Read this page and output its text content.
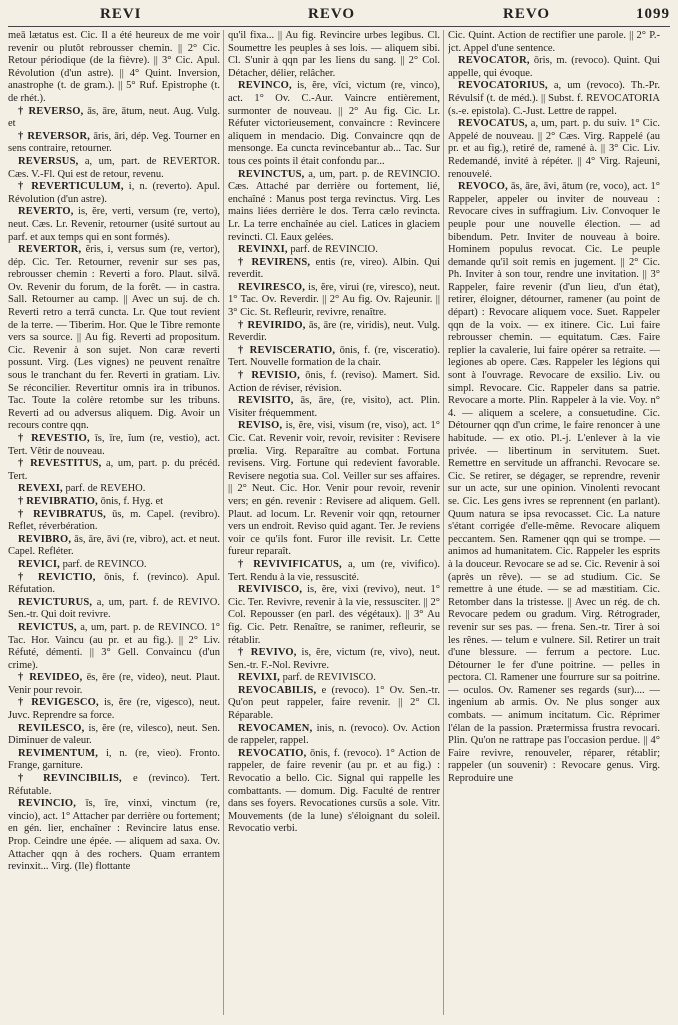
REVI	REVO	REVO	1099

meā lætatus est. Cic. Il a été heureux de me voir revenir ou plutôt rebrousser chemin. || 2° Cic. Retour périodique (de la fièvre). || 3° Cic. Apul. Révolution (d'un astre). || 4° Quint. Inversion, anastrophe (t. de gram.). || 5° Ruf. Epistrophe (t. de rhét.).

† REVERSO, ās, āre, ātum, neut. Aug. Vulg. et

† REVERSOR, āris, āri, dép. Veg. Tourner en sens contraire, retourner.

REVERSUS, a, um, part. de REVERTOR. Cæs. V.-Fl. Qui est de retour, revenu.

† REVERTICULUM, i, n. (reverto). Apul. Révolution (d'un astre).

REVERTO, is, ĕre, verti, versum (re, verto), neut. Cæs. Lr. Revenir, retourner (usité surtout au parf. et aux temps qui en sont formés).

REVERTOR, ĕris, i, versus sum (re, vertor), dép. Cic. Ter. Retourner, revenir sur ses pas, rebrousser chemin : Reverti a foro. Plaut. silvā. Ov. Revenir du forum, de la forêt. — in castra. Sall. Retourner au camp. || Avec un suj. de ch. Reverti retro a terrā cuncta. Lr. Que tout revient de la terre. — Tiberim. Hor. Que le Tibre remonte vers sa source. || Au fig. Reverti ad propositum. Cic. Revenir à son sujet. Non caræ reverti possunt. Virg. (Les vignes) ne peuvent renaître sous le tranchant du fer. Reverti in gratiam. Liv. Se réconcilier. Revertitur omnis ira in tribunos. Tac. Toute la colère retombe sur les tribuns. Reverti ad ou adversus aliquem. Dig. Avoir un recours contre qqn.

† REVESTIO, īs, īre, ĭum (re, vestio), act. Tert. Vêtir de nouveau.

† REVESTITUS, a, um, part. p. du précéd. Tert.

REVEXI, parf. de REVEHO.

† REVIBRATIO, ōnis, f. Hyg. et

† REVIBRATUS, ūs, m. Capel. (revibro). Reflet, réverbération.

REVIBRO, ās, āre, āvi (re, vibro), act. et neut. Capel. Refléter.

REVICI, parf. de REVINCO.

† REVICTIO, ōnis, f. (revinco). Apul. Réfutation.

REVICTURUS, a, um, part. f. de REVIVO. Sen.-tr. Qui doit revivre.

REVICTUS, a, um, part. p. de REVINCO. 1° Tac. Hor. Vaincu (au pr. et au fig.). || 2° Liv. Réfuté, démenti. || 3° Gell. Convaincu (d'un crime).

† REVIDEO, ēs, ēre (re, video), neut. Plaut. Venir pour revoir.

† REVIGESCO, is, ĕre (re, vigesco), neut. Juvc. Reprendre sa force.

REVILESCO, is, ĕre (re, vilesco), neut. Sen. Diminuer de valeur.

REVIMENTUM, i, n. (re, vieo). Fronto. Frange, garniture.

† REVINCIBILIS, e (revinco). Tert. Réfutable.

REVINCIO, īs, īre, vinxi, vinctum (re, vincio), act. 1° Attacher par derrière ou fortement; en gén. lier, enchaîner : Revincire latus ense. Prop. Ceindre une épée. — aliquem ad saxa. Ov. Attacher qqn à des rochers. Quam errantem revinxit... Virg. (Ile) flottante

qu'il fixa... || Au fig. Revincire urbes legibus. Cl. Soumettre les peuples à ses lois. — aliquem sibi. Cl. S'unir à qqn par les liens du sang. || 2° Col. Détacher, délier, relâcher.

REVINCO, is, ĕre, vīci, victum (re, vinco), act. 1° Ov. C.-Aur. Vaincre entièrement, surmonter de nouveau. || 2° Au fig. Cic. Lr. Réfuter victorieusement, convaincre : Revincere aliquem in mendacio. Dig. Convaincre qqn de mensonge. Ea cuncta revincebantur ab... Tac. Sur tous ces points il était confondu par...

REVINCTUS, a, um, part. p. de REVINCIO. Cæs. Attaché par derrière ou fortement, lié, enchaîné : Manus post terga revinctus. Virg. Les mains liées derrière le dos. Terra cælo revincta. Lr. La terre enchaînée au ciel. Latices in glaciem revincti. Cl. Eaux gelées.

REVINXI, parf. de REVINCIO.

† REVIRENS, entis (re, vireo). Albin. Qui reverdit.

REVIRESCO, is, ĕre, virui (re, viresco), neut. 1° Tac. Ov. Reverdir. || 2° Au fig. Ov. Rajeunir. || 3° Cic. St. Refleurir, revivre, renaître.

† REVIRIDO, ās, āre (re, viridis), neut. Vulg. Reverdir.

† REVISCERATIO, ōnis, f. (re, visceratio). Tert. Nouvelle formation de la chair.

† REVISIO, ōnis, f. (reviso). Mamert. Sid. Action de réviser, révision.

REVISITO, ās, āre, (re, visito), act. Plin. Visiter fréquemment.

REVISO, is, ĕre, visi, visum (re, viso), act. 1° Cic. Cat. Revenir voir, revoir, revisiter : Revisere prœlia. Virg. Reparaître au combat. Fortuna revisens. Virg. Fortune qui redevient favorable. Revisere negotia sua. Col. Veiller sur ses affaires. || 2° Neut. Cic. Hor. Venir pour revoir, revenir vers; en gén. revenir : Revisere ad aliquem. Gell. Plaut. ad locum. Lr. Revenir voir qqn, retourner vers un endroit. Reviso quid agant. Ter. Je reviens voir ce qu'ils font. Furor ille revisit. Lr. Cette fureur reparaît.

† REVIVIFICATUS, a, um (re, vivifico). Tert. Rendu à la vie, ressuscité.

REVIVISCO, is, ĕre, vixi (revivo), neut. 1° Cic. Ter. Revivre, revenir à la vie, ressusciter. || 2° Col. Repousser (en parl. des végétaux). || 3° Au fig. Cic. Petr. Renaître, se ranimer, refleurir, se rétablir.

† REVIVO, is, ĕre, victum (re, vivo), neut. Sen.-tr. F.-Nol. Revivre.

REVIXI, parf. de REVIVISCO.

REVOCABILIS, e (revoco). 1° Ov. Sen.-tr. Qu'on peut rappeler, faire revenir. || 2° Cl. Réparable.

REVOCAMEN, inis, n. (revoco). Ov. Action de rappeler, rappel.

REVOCATIO, ōnis, f. (revoco). 1° Action de rappeler, de faire revenir (au pr. et au fig.) : Revocatio a bello. Cic. Signal qui rappelle les combattants. — domum. Dig. Faculté de rentrer dans ses foyers. Revocationes cursūs a sole. Vitr. Mouvements (de la lune) s'éloignant du soleil. Revocatio verbi.

Cic. Quint. Action de rectifier une parole. || 2° P.-jct. Appel d'une sentence.

REVOCATOR, ōris, m. (revoco). Quint. Qui appelle, qui évoque.

REVOCATORIUS, a, um (revoco). Th.-Pr. Révulsif (t. de méd.). || Subst. f. REVOCATORIA (s.-e. epistola). C.-Just. Lettre de rappel.

REVOCATUS, a, um, part. p. du suiv. 1° Cic. Appelé de nouveau. || 2° Cæs. Virg. Rappelé (au pr. et au fig.), retiré de, ramené à. || 3° Cic. Liv. Redemandé, invité à répéter. || 4° Virg. Rajeuni, renouvelé.

REVOCO, ās, āre, āvi, ātum (re, voco), act. 1° Rappeler, appeler ou inviter de nouveau : Revocare cives in suffragium. Liv. Convoquer le peuple pour une nouvelle élection. — ad bibendum. Petr. Inviter de nouveau à boire. Hominem populus revocat. Cic. Le peuple demande qu'il soit remis en jugement. || 2° Cic. Ph. Inviter à son tour, rendre une invitation. || 3° Rappeler, faire revenir (d'un lieu, d'un état), retirer, éloigner, détourner, ramener (au point de départ) : Revocare aliquem voce. Suet. Rappeler qqn de la voix. — ex itinere. Cic. Lui faire rebrousser chemin. — equitatum. Cæs. Faire replier la cavalerie, lui faire opérer sa retraite. — legiones ab opere. Cæs. Rappeler les légions qui sont à l'ouvrage. Revocare de exsilio. Liv. ou simpl. Revocare. Cic. Rappeler dans sa patrie. Revocare a morte. Plin. Rappeler à la vie. Voy. n° 4. — aliquem a scelere, a consuetudine. Cic. Détourner qqn d'un crime, le faire renoncer à une habitude. — ex otio. Pl.-j. L'enlever à la vie privée. — libertinum in servitutem. Suet. Remettre en servitude un affranchi. Revocare se. Cic. Se retirer, se dégager, se reprendre, revenir sur un acte, sur une opinion. Vinolenti revocant se. Cic. Les gens ivres se reprennent (en parlant). Quum natura se ipsa revocasset. Cic. La nature s'étant corrigée d'elle-même. Revocare aliquem peccantem. Sen. Ramener qqn qui se trompe. — animos ad humanitatem. Cic. Rappeler les esprits à la douceur. Revocare se ad se. Cic. Revenir à soi (après un rêve). — se ad studium. Cic. Se remettre à une étude. — se ad mæstitiam. Cic. Retomber dans la tristesse. || Avec un rég. de ch. Revocare pedem ou gradum. Virg. Rétrograder, revenir sur ses pas. — frena. Sen.-tr. Tirer à soi les rênes. — telum e vulnere. Sil. Retirer un trait d'une blessure. — ferrum a pectore. Luc. Détourner le fer d'une poitrine. — pelles in pectora. Cl. Ramener une fourrure sur sa poitrine. — oculos. Ov. Ramener ses regards (sur).... — ingenium ab armis. Ov. Ne plus songer aux combats. — animum incitatum. Cic. Réprimer l'élan de la passion. Prætermissa frustra revocari. Plin. Qu'on ne rattrape pas l'occasion perdue. || 4° Faire revivre, renouveler, réparer, rétablir; rappeler (un souvenir) : Revocare genus. Virg. Reproduire une
